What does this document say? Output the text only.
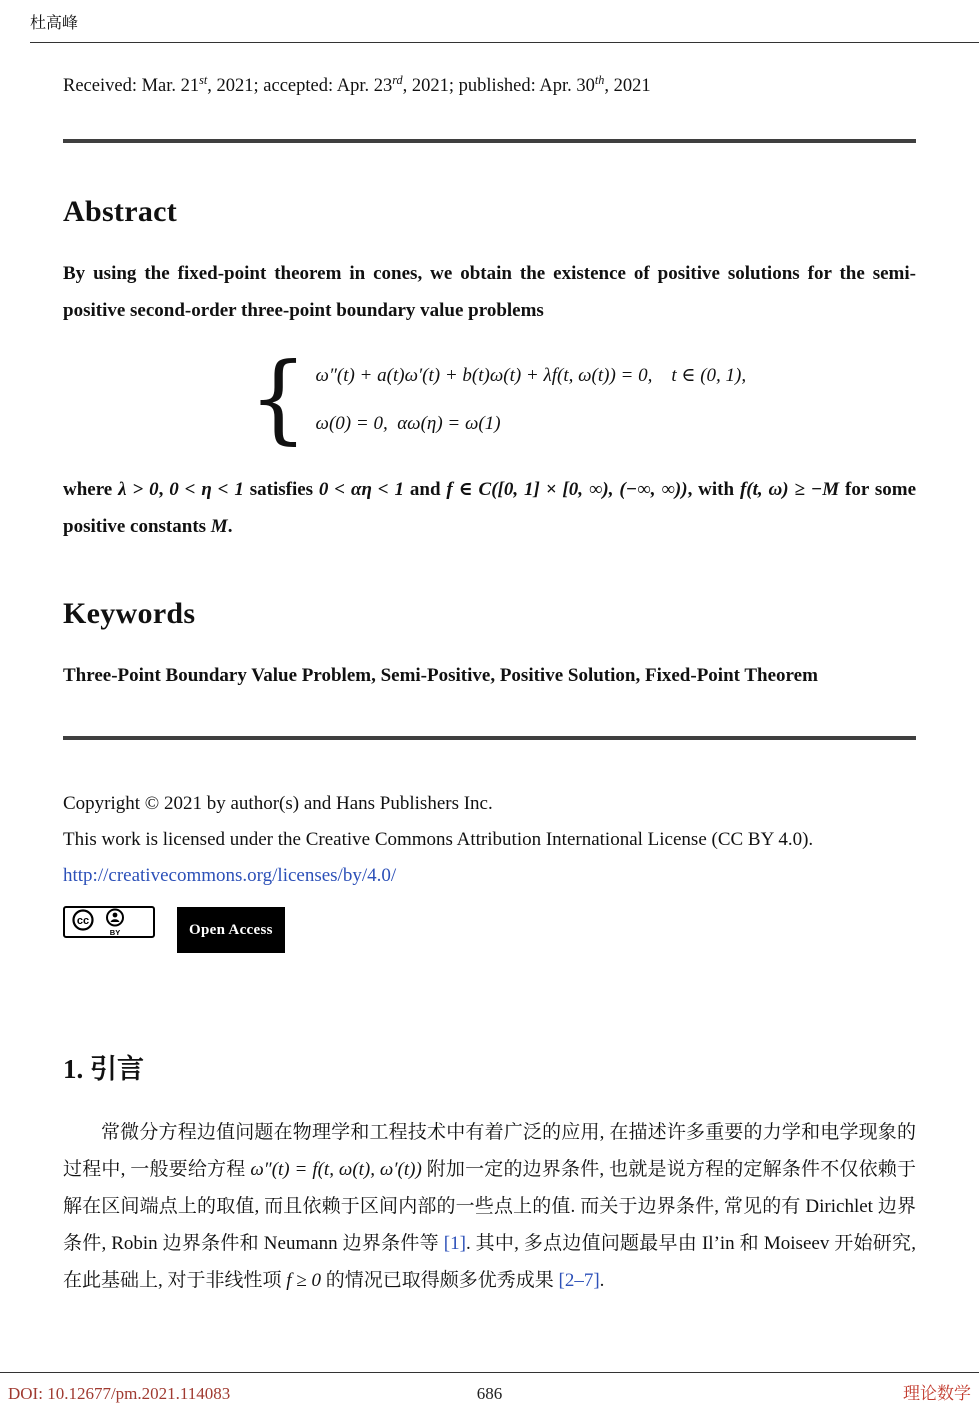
杜高峰

Received: Mar. 21st, 2021; accepted: Apr. 23rd, 2021; published: Apr. 30th, 2021

Abstract

By using the fixed-point theorem in cones, we obtain the existence of positive solutions for the semi-positive second-order three-point boundary value problems

{ ω″(t) + a(t)ω′(t) + b(t)ω(t) + λf(t, ω(t)) = 0,    t ∈ (0, 1),
ω(0) = 0,  αω(η) = ω(1)

where λ > 0, 0 < η < 1 satisfies 0 < αη < 1 and f ∈ C([0, 1] × [0, ∞), (−∞, ∞)), with f(t, ω) ≥ −M for some positive constants M.

Keywords

Three-Point Boundary Value Problem, Semi-Positive, Positive Solution, Fixed-Point Theorem

Copyright © 2021 by author(s) and Hans Publishers Inc.

This work is licensed under the Creative Commons Attribution International License (CC BY 4.0).

http://creativecommons.org/licenses/by/4.0/

cc
BY	Open Access
1. 引言

常微分方程边值问题在物理学和工程技术中有着广泛的应用, 在描述许多重要的力学和电学现象的过程中, 一般要给方程 ω″(t) = f(t, ω(t), ω′(t)) 附加一定的边界条件, 也就是说方程的定解条件不仅依赖于解在区间端点上的取值, 而且依赖于区间内部的一些点上的值. 而关于边界条件, 常见的有 Dirichlet 边界条件, Robin 边界条件和 Neumann 边界条件等 [1]. 其中, 多点边值问题最早由 Il’in 和 Moiseev 开始研究, 在此基础上, 对于非线性项 f ≥ 0 的情况已取得颇多优秀成果 [2–7].

DOI: 10.12677/pm.2021.114083	686	理论数学
